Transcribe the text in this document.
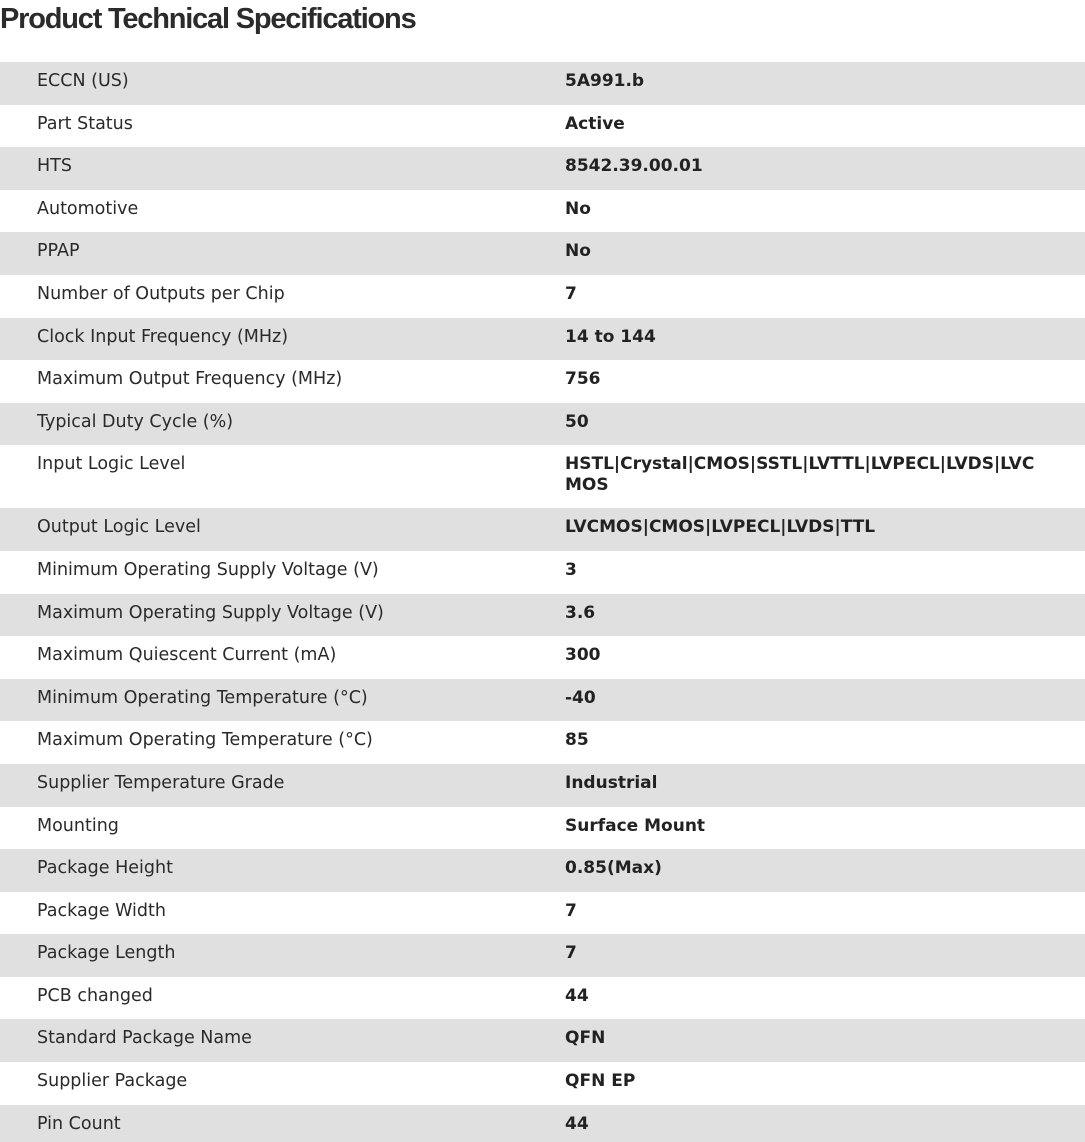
Product Technical Specifications
ECCN (US)	5A991.b
Part Status	Active
HTS	8542.39.00.01
Automotive	No
PPAP	No
Number of Outputs per Chip	7
Clock Input Frequency (MHz)	14 to 144
Maximum Output Frequency (MHz)	756
Typical Duty Cycle (%)	50
Input Logic Level	HSTL|Crystal|CMOS|SSTL|LVTTL|LVPECL|LVDS|LVCMOS
Output Logic Level	LVCMOS|CMOS|LVPECL|LVDS|TTL
Minimum Operating Supply Voltage (V)	3
Maximum Operating Supply Voltage (V)	3.6
Maximum Quiescent Current (mA)	300
Minimum Operating Temperature (°C)	-40
Maximum Operating Temperature (°C)	85
Supplier Temperature Grade	Industrial
Mounting	Surface Mount
Package Height	0.85(Max)
Package Width	7
Package Length	7
PCB changed	44
Standard Package Name	QFN
Supplier Package	QFN EP
Pin Count	44
